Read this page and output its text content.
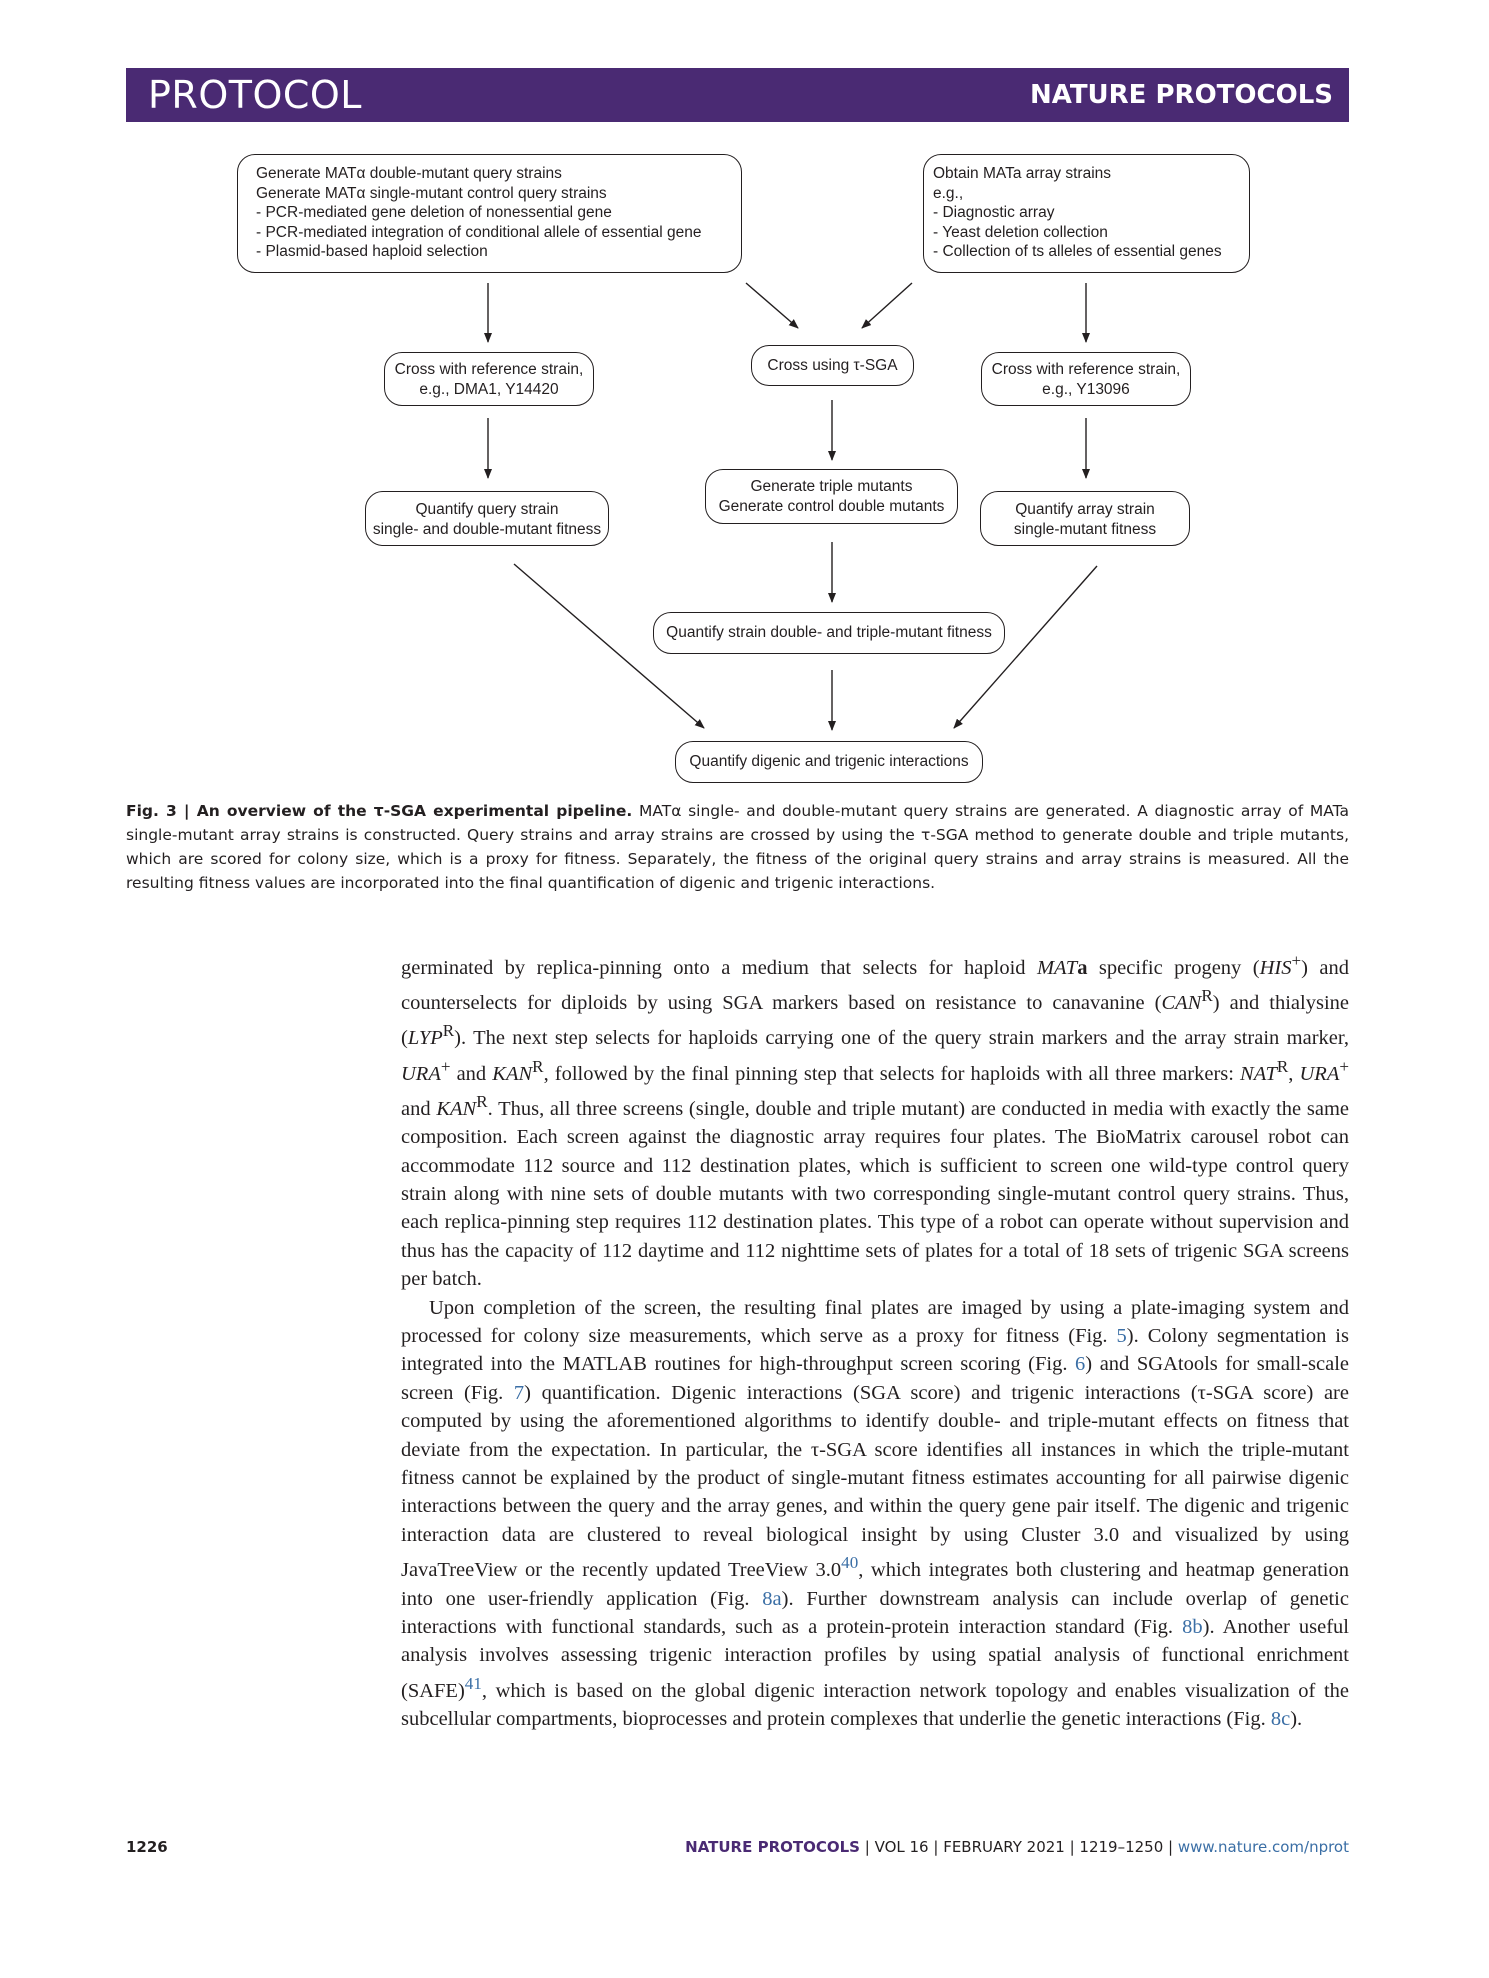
PROTOCOL	NATURE PROTOCOLS
Generate MATα double-mutant query strains
Generate MATα single-mutant control query strains
- PCR-mediated gene deletion of nonessential gene
- PCR-mediated integration of conditional allele of essential gene
- Plasmid-based haploid selection
Obtain MATa array strains
e.g.,
- Diagnostic array
- Yeast deletion collection
- Collection of ts alleles of essential genes
Cross with reference strain,
e.g., DMA1, Y14420
Cross using τ-SGA	Cross with reference strain,
e.g., Y13096
Quantify query strain
single- and double-mutant fitness
Generate triple mutants
Generate control double mutants	Quantify array strain
single-mutant fitness
Quantify strain double- and triple-mutant fitness
Quantify digenic and trigenic interactions
Fig. 3 | An overview of the τ-SGA experimental pipeline. MATα single- and double-mutant query strains are generated. A diagnostic array of MATa single-mutant array strains is constructed. Query strains and array strains are crossed by using the τ-SGA method to generate double and triple mutants, which are scored for colony size, which is a proxy for fitness. Separately, the fitness of the original query strains and array strains is measured. All the resulting fitness values are incorporated into the final quantification of digenic and trigenic interactions.

germinated by replica-pinning onto a medium that selects for haploid MATa specific progeny (HIS+) and counterselects for diploids by using SGA markers based on resistance to canavanine $(CAN^R)$ and thialysine $(LYP^R)$. The next step selects for haploids carrying one of the query strain markers and the array strain marker, URA+ and $KAN^R$, followed by the final pinning step that selects for haploids with all three markers: $NAT^R$, URA+ and $KAN^R$. Thus, all three screens (single, double and triple mutant) are conducted in media with exactly the same composition. Each screen against the diagnostic array requires four plates. The BioMatrix carousel robot can accommodate 112 source and 112 destination plates, which is sufficient to screen one wild-type control query strain along with nine sets of double mutants with two corresponding single-mutant control query strains. Thus, each replica-pinning step requires 112 destination plates. This type of a robot can operate without supervision and thus has the capacity of 112 daytime and 112 nighttime sets of plates for a total of 18 sets of trigenic SGA screens per batch.

Upon completion of the screen, the resulting final plates are imaged by using a plate-imaging system and processed for colony size measurements, which serve as a proxy for fitness (Fig. 5). Colony segmentation is integrated into the MATLAB routines for high-throughput screen scoring (Fig. 6) and SGAtools for small-scale screen (Fig. 7) quantification. Digenic interactions (SGA score) and trigenic interactions (τ-SGA score) are computed by using the aforementioned algorithms to identify double- and triple-mutant effects on fitness that deviate from the expectation. In particular, the τ-SGA score identifies all instances in which the triple-mutant fitness cannot be explained by the product of single-mutant fitness estimates accounting for all pairwise digenic interactions between the query and the array genes, and within the query gene pair itself. The digenic and trigenic interaction data are clustered to reveal biological insight by using Cluster 3.0 and visualized by using JavaTreeView or the recently updated TreeView $3.0^{40}$, which integrates both clustering and heatmap generation into one user-friendly application (Fig. 8a). Further downstream analysis can include overlap of genetic interactions with functional standards, such as a protein-protein interaction standard (Fig. 8b). Another useful analysis involves assessing trigenic interaction profiles by using spatial analysis of functional enrichment (SAFE)$^{41}$, which is based on the global digenic interaction network topology and enables visualization of the subcellular compartments, bioprocesses and protein complexes that underlie the genetic interactions (Fig. 8c).

1226	NATURE PROTOCOLS | VOL 16 | FEBRUARY 2021 | 1219–1250 | www.nature.com/nprot
